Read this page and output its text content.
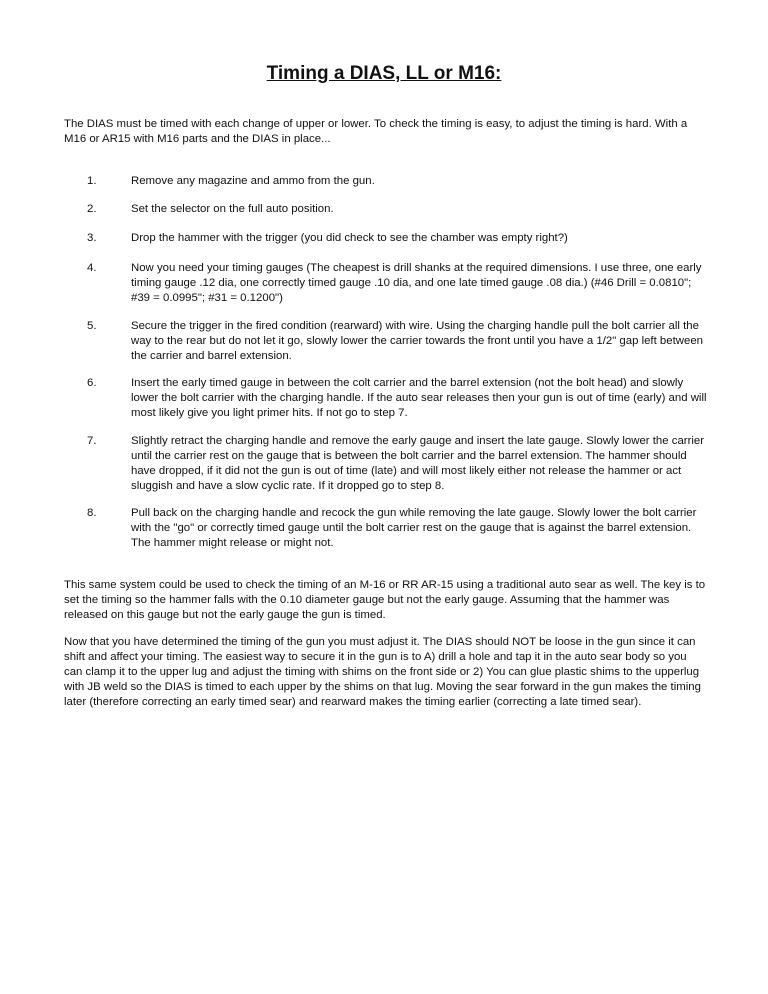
Timing a DIAS, LL or M16:

The DIAS must be timed with each change of upper or lower. To check the timing is easy, to adjust the timing is hard. With a M16 or AR15 with M16 parts and the DIAS in place...

1.	Remove any magazine and ammo from the gun.
2.	Set the selector on the full auto position.
3.	Drop the hammer with the trigger (you did check to see the chamber was empty right?)
4.	Now you need your timing gauges (The cheapest is drill shanks at the required dimensions. I use three, one early timing gauge .12 dia, one correctly timed gauge .10 dia, and one late timed gauge .08 dia.) (#46 Drill = 0.0810"; #39 = 0.0995"; #31 = 0.1200")
5.	Secure the trigger in the fired condition (rearward) with wire. Using the charging handle pull the bolt carrier all the way to the rear but do not let it go, slowly lower the carrier towards the front until you have a 1/2" gap left between the carrier and barrel extension.
6.	Insert the early timed gauge in between the colt carrier and the barrel extension (not the bolt head) and slowly lower the bolt carrier with the charging handle. If the auto sear releases then your gun is out of time (early) and will most likely give you light primer hits. If not go to step 7.
7.	Slightly retract the charging handle and remove the early gauge and insert the late gauge. Slowly lower the carrier until the carrier rest on the gauge that is between the bolt carrier and the barrel extension. The hammer should have dropped, if it did not the gun is out of time (late) and will most likely either not release the hammer or act sluggish and have a slow cyclic rate. If it dropped go to step 8.
8.	Pull back on the charging handle and recock the gun while removing the late gauge. Slowly lower the bolt carrier with the "go" or correctly timed gauge until the bolt carrier rest on the gauge that is against the barrel extension. The hammer might release or might not.

This same system could be used to check the timing of an M-16 or RR AR-15 using a traditional auto sear as well. The key is to set the timing so the hammer falls with the 0.10 diameter gauge but not the early gauge. Assuming that the hammer was released on this gauge but not the early gauge the gun is timed.

Now that you have determined the timing of the gun you must adjust it. The DIAS should NOT be loose in the gun since it can shift and affect your timing. The easiest way to secure it in the gun is to A) drill a hole and tap it in the auto sear body so you can clamp it to the upper lug and adjust the timing with shims on the front side or 2) You can glue plastic shims to the upperlug with JB weld so the DIAS is timed to each upper by the shims on that lug. Moving the sear forward in the gun makes the timing later (therefore correcting an early timed sear) and rearward makes the timing earlier (correcting a late timed sear).
